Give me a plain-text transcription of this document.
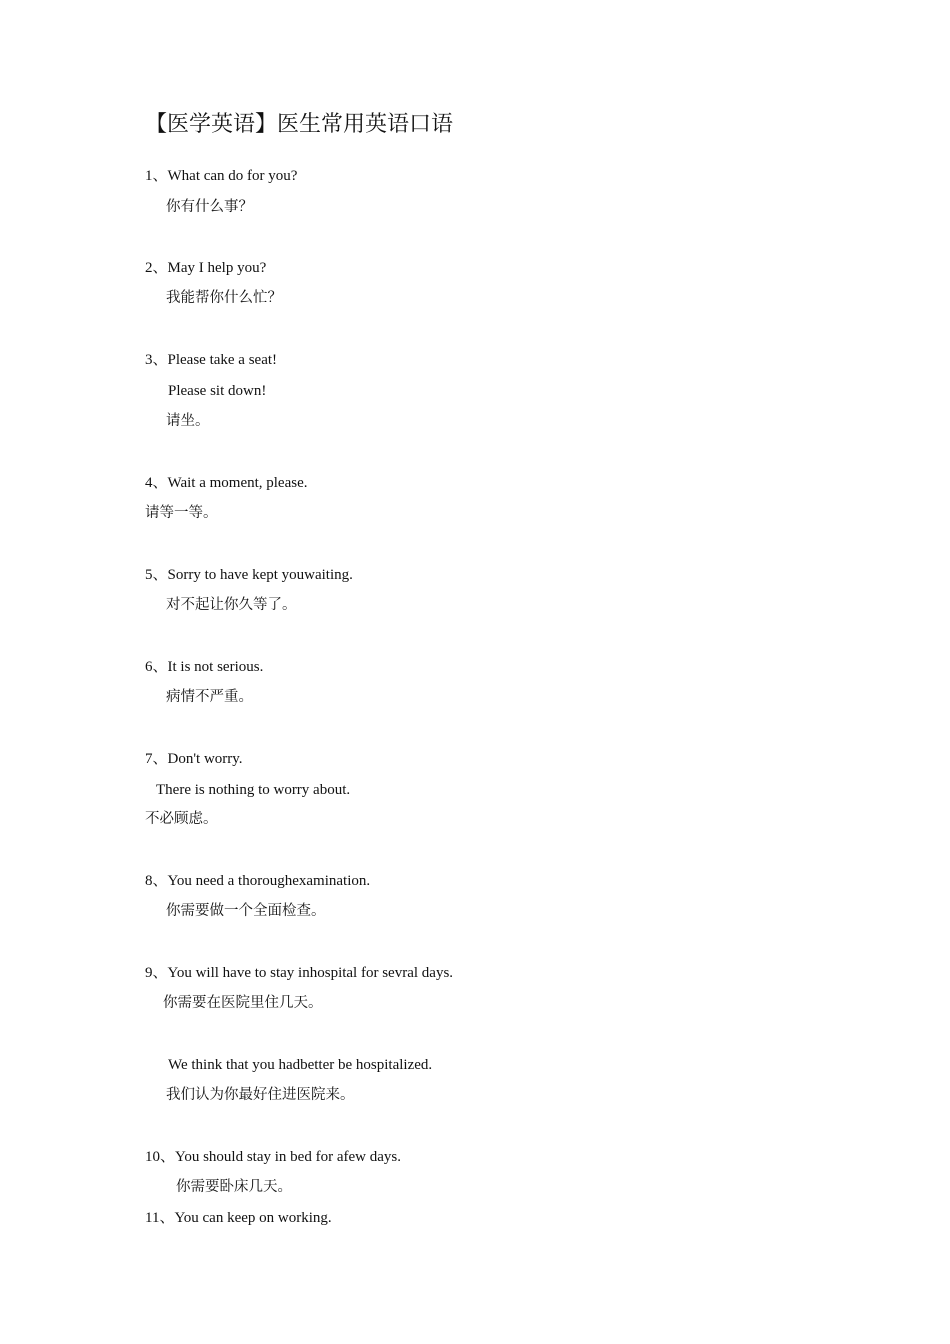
【医学英语】医生常用英语口语
1、What can do for you?
你有什么事？
2、May I help you?
我能帮你什么忙？
3、Please take a seat!
Please sit down!
请坐。
4、Wait a moment, please.
请等一等。
5、Sorry to have kept youwaiting.
对不起让你久等了。
6、It is not serious.
病情不严重。
7、Don't worry.
There is nothing to worry about.
不必顾虑。
8、You need a thoroughexamination.
你需要做一个全面检查。
9、You will have to stay inhospital for sevral days.
你需要在医院里住几天。
We think that you hadbetter be hospitalized.
我们认为你最好住进医院来。
10、You should stay in bed for afew days.
你需要卧床几天。
11、You can keep on working.
